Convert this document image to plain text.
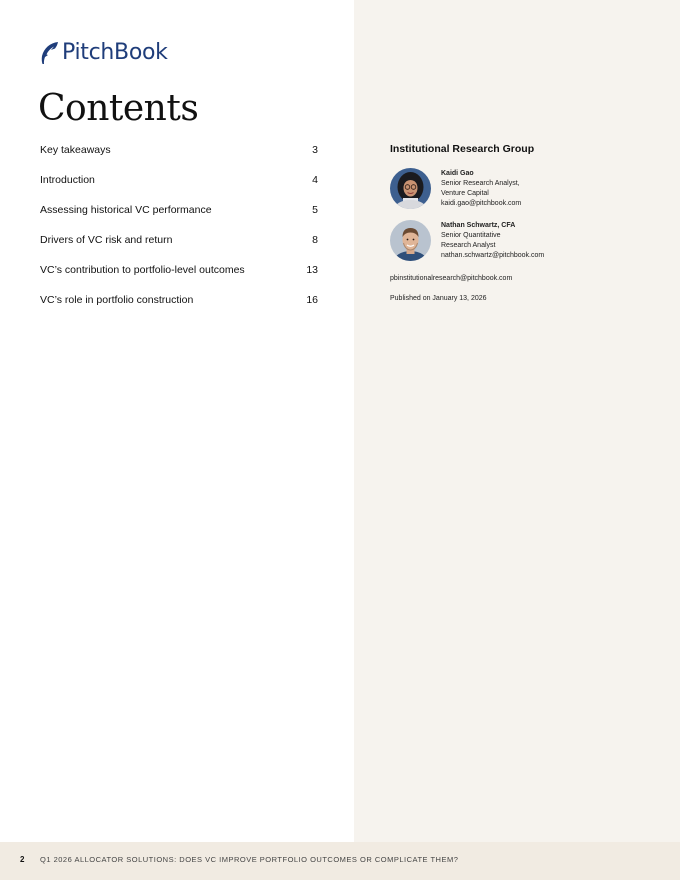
PitchBook
Contents
Key takeaways	3
Introduction	4
Assessing historical VC performance	5
Drivers of VC risk and return	8
VC’s contribution to portfolio-level outcomes	13
VC’s role in portfolio construction	16
Institutional Research Group
Kaidi Gao
Senior Research Analyst,
Venture Capital
kaidi.gao@pitchbook.com
Nathan Schwartz, CFA
Senior Quantitative
Research Analyst
nathan.schwartz@pitchbook.com
pbinstitutionalresearch@pitchbook.com
Published on January 13, 2026
2 Q1 2026 ALLOCATOR SOLUTIONS: DOES VC IMPROVE PORTFOLIO OUTCOMES OR COMPLICATE THEM?
